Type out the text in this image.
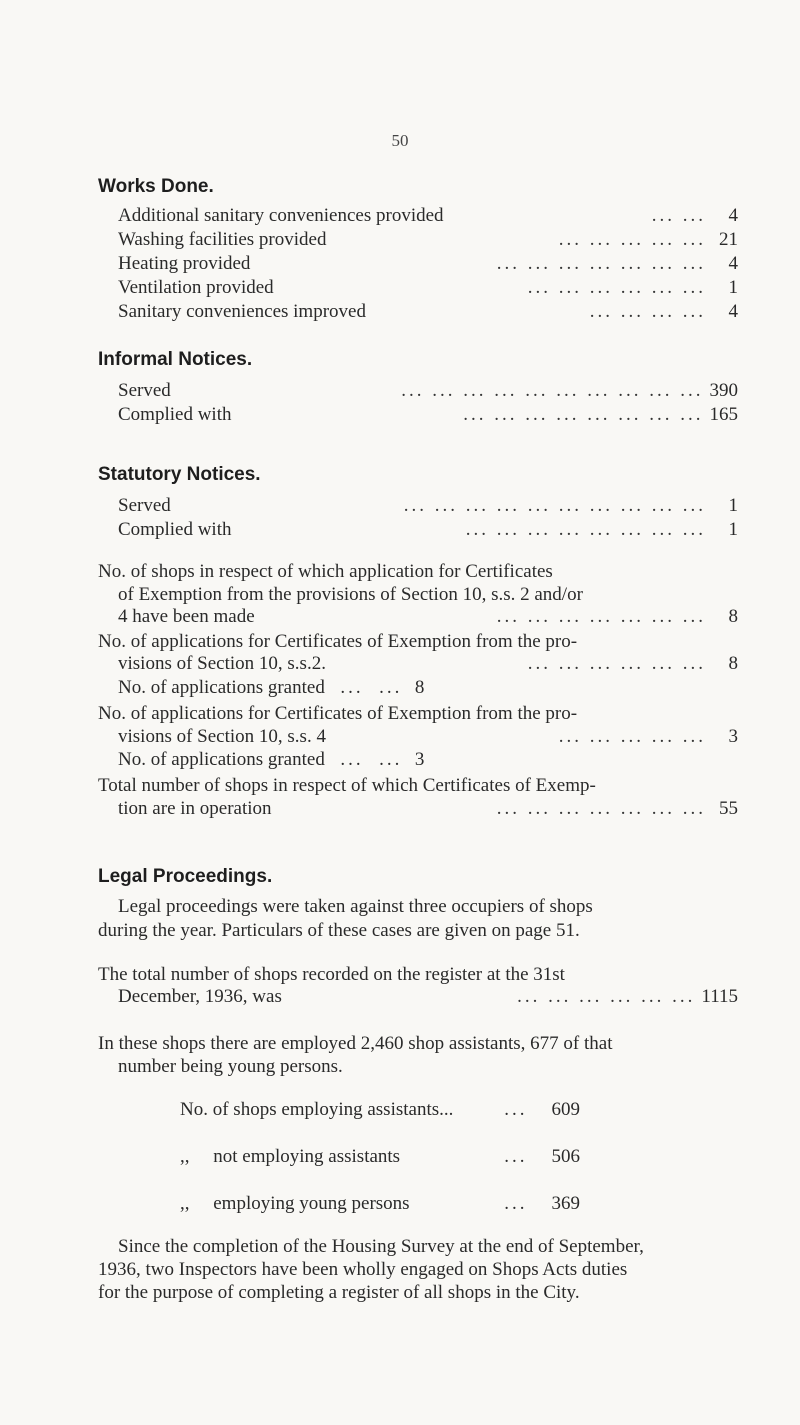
50
Works Done.
Additional sanitary conveniences provided	... ...	4
Washing facilities provided	... ... ... ... ... 21
Heating provided	... ... ... ... ... ... ...	4
Ventilation provided	... ... ... ... ... ...	1
Sanitary conveniences improved	... ... ... ...	4
Informal Notices.
Served	... ... ... ... ... ... ... ... ... ... 390
Complied with	... ... ... ... ... ... ... ... 165
Statutory Notices.
Served	... ... ... ... ... ... ... ... ... ...	1
Complied with	... ... ... ... ... ... ... ...	1
No. of shops in respect of which application for Certificates
of Exemption from the provisions of Section 10, s.s. 2 and/or
4 have been made	... ... ... ... ... ... ...	8
No. of applications for Certificates of Exemption from the pro-
visions of Section 10, s.s.2.	... ... ... ... ... ...	8
No. of applications granted  ...  ...  8
No. of applications for Certificates of Exemption from the pro-
visions of Section 10, s.s. 4	... ... ... ... ...	3
No. of applications granted  ...  ...  3
Total number of shops in respect of which Certificates of Exemp-
tion are in operation	... ... ... ... ... ... ... 55
Legal Proceedings.
Legal proceedings were taken against three occupiers of shops
during the year. Particulars of these cases are given on page 51.
The total number of shops recorded on the register at the 31st
December, 1936, was	... ... ... ... ... ... 1115
In these shops there are employed 2,460 shop assistants, 677 of that
number being young persons.
No. of shops employing assistants...	...	609
,,     not employing assistants	...	506
,,     employing young persons	...	369
Since the completion of the Housing Survey at the end of September,
1936, two Inspectors have been wholly engaged on Shops Acts duties
for the purpose of completing a register of all shops in the City.
